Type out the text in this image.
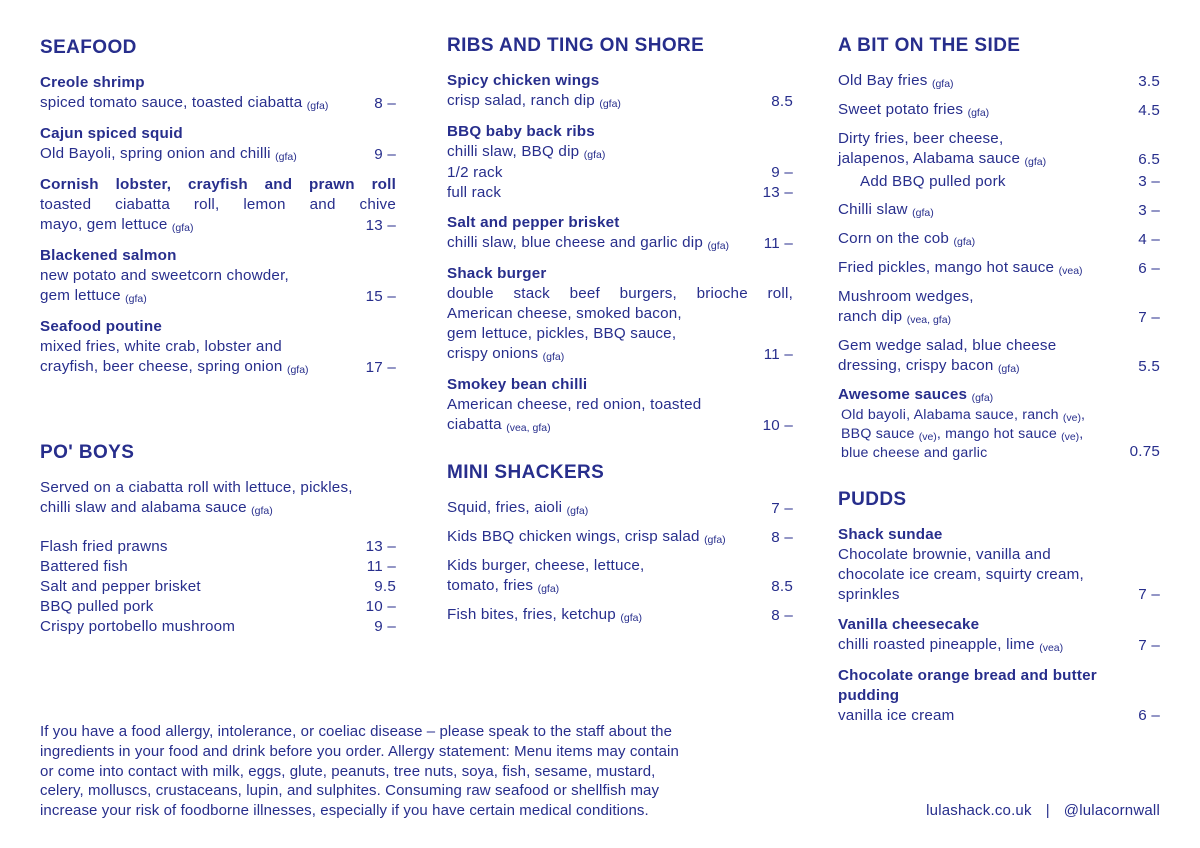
SEAFOOD
Creole shrimp
spiced tomato sauce, toasted ciabatta (gfa)	8 –
Cajun spiced squid
Old Bayoli, spring onion and chilli (gfa)	9 –
Cornish lobster, crayfish and prawn roll
toasted ciabatta roll, lemon and chive
mayo, gem lettuce (gfa)	13 –
Blackened salmon
new potato and sweetcorn chowder,
gem lettuce (gfa)	15 –
Seafood poutine
mixed fries, white crab, lobster and
crayfish, beer cheese, spring onion (gfa)	17 –
PO' BOYS
Served on a ciabatta roll with lettuce, pickles,
chilli slaw and alabama sauce (gfa)
Flash fried prawns	13 –
Battered fish	11 –
Salt and pepper brisket	9.5
BBQ pulled pork	10 –
Crispy portobello mushroom	9 –
RIBS AND TING ON SHORE
Spicy chicken wings
crisp salad, ranch dip (gfa)	8.5
BBQ baby back ribs
chilli slaw, BBQ dip (gfa)
1/2 rack	9 –
full rack	13 –
Salt and pepper brisket
chilli slaw, blue cheese and garlic dip (gfa)	11 –
Shack burger
double stack beef burgers, brioche roll,
American cheese, smoked bacon,
gem lettuce, pickles, BBQ sauce,
crispy onions (gfa)	11 –
Smokey bean chilli
American cheese, red onion, toasted
ciabatta (vea, gfa)	10 –
MINI SHACKERS
Squid, fries, aioli (gfa)	7 –
Kids BBQ chicken wings, crisp salad (gfa)	8 –
Kids burger, cheese, lettuce,
tomato, fries (gfa)	8.5
Fish bites, fries, ketchup (gfa)	8 –
A BIT ON THE SIDE
Old Bay fries (gfa)	3.5
Sweet potato fries (gfa)	4.5
Dirty fries, beer cheese,
jalapenos, Alabama sauce (gfa)	6.5
Add BBQ pulled pork	3 –
Chilli slaw (gfa)	3 –
Corn on the cob (gfa)	4 –
Fried pickles, mango hot sauce (vea)	6 –
Mushroom wedges,
ranch dip (vea, gfa)	7 –
Gem wedge salad, blue cheese
dressing, crispy bacon (gfa)	5.5
Awesome sauces (gfa)
Old bayoli, Alabama sauce, ranch (ve),
BBQ sauce (ve), mango hot sauce (ve),
blue cheese and garlic	0.75
PUDDS
Shack sundae
Chocolate brownie, vanilla and
chocolate ice cream, squirty cream,
sprinkles	7 –
Vanilla cheesecake
chilli roasted pineapple, lime (vea)	7 –
Chocolate orange bread and butter pudding
vanilla ice cream	6 –
If you have a food allergy, intolerance, or coeliac disease – please speak to the staff about the
ingredients in your food and drink before you order. Allergy statement: Menu items may contain
or come into contact with milk, eggs, glute, peanuts, tree nuts, soya, fish, sesame, mustard,
celery, molluscs, crustaceans, lupin, and sulphites. Consuming raw seafood or shellfish may
increase your risk of foodborne illnesses, especially if you have certain medical conditions.	lulashack.co.uk | @lulacornwall
